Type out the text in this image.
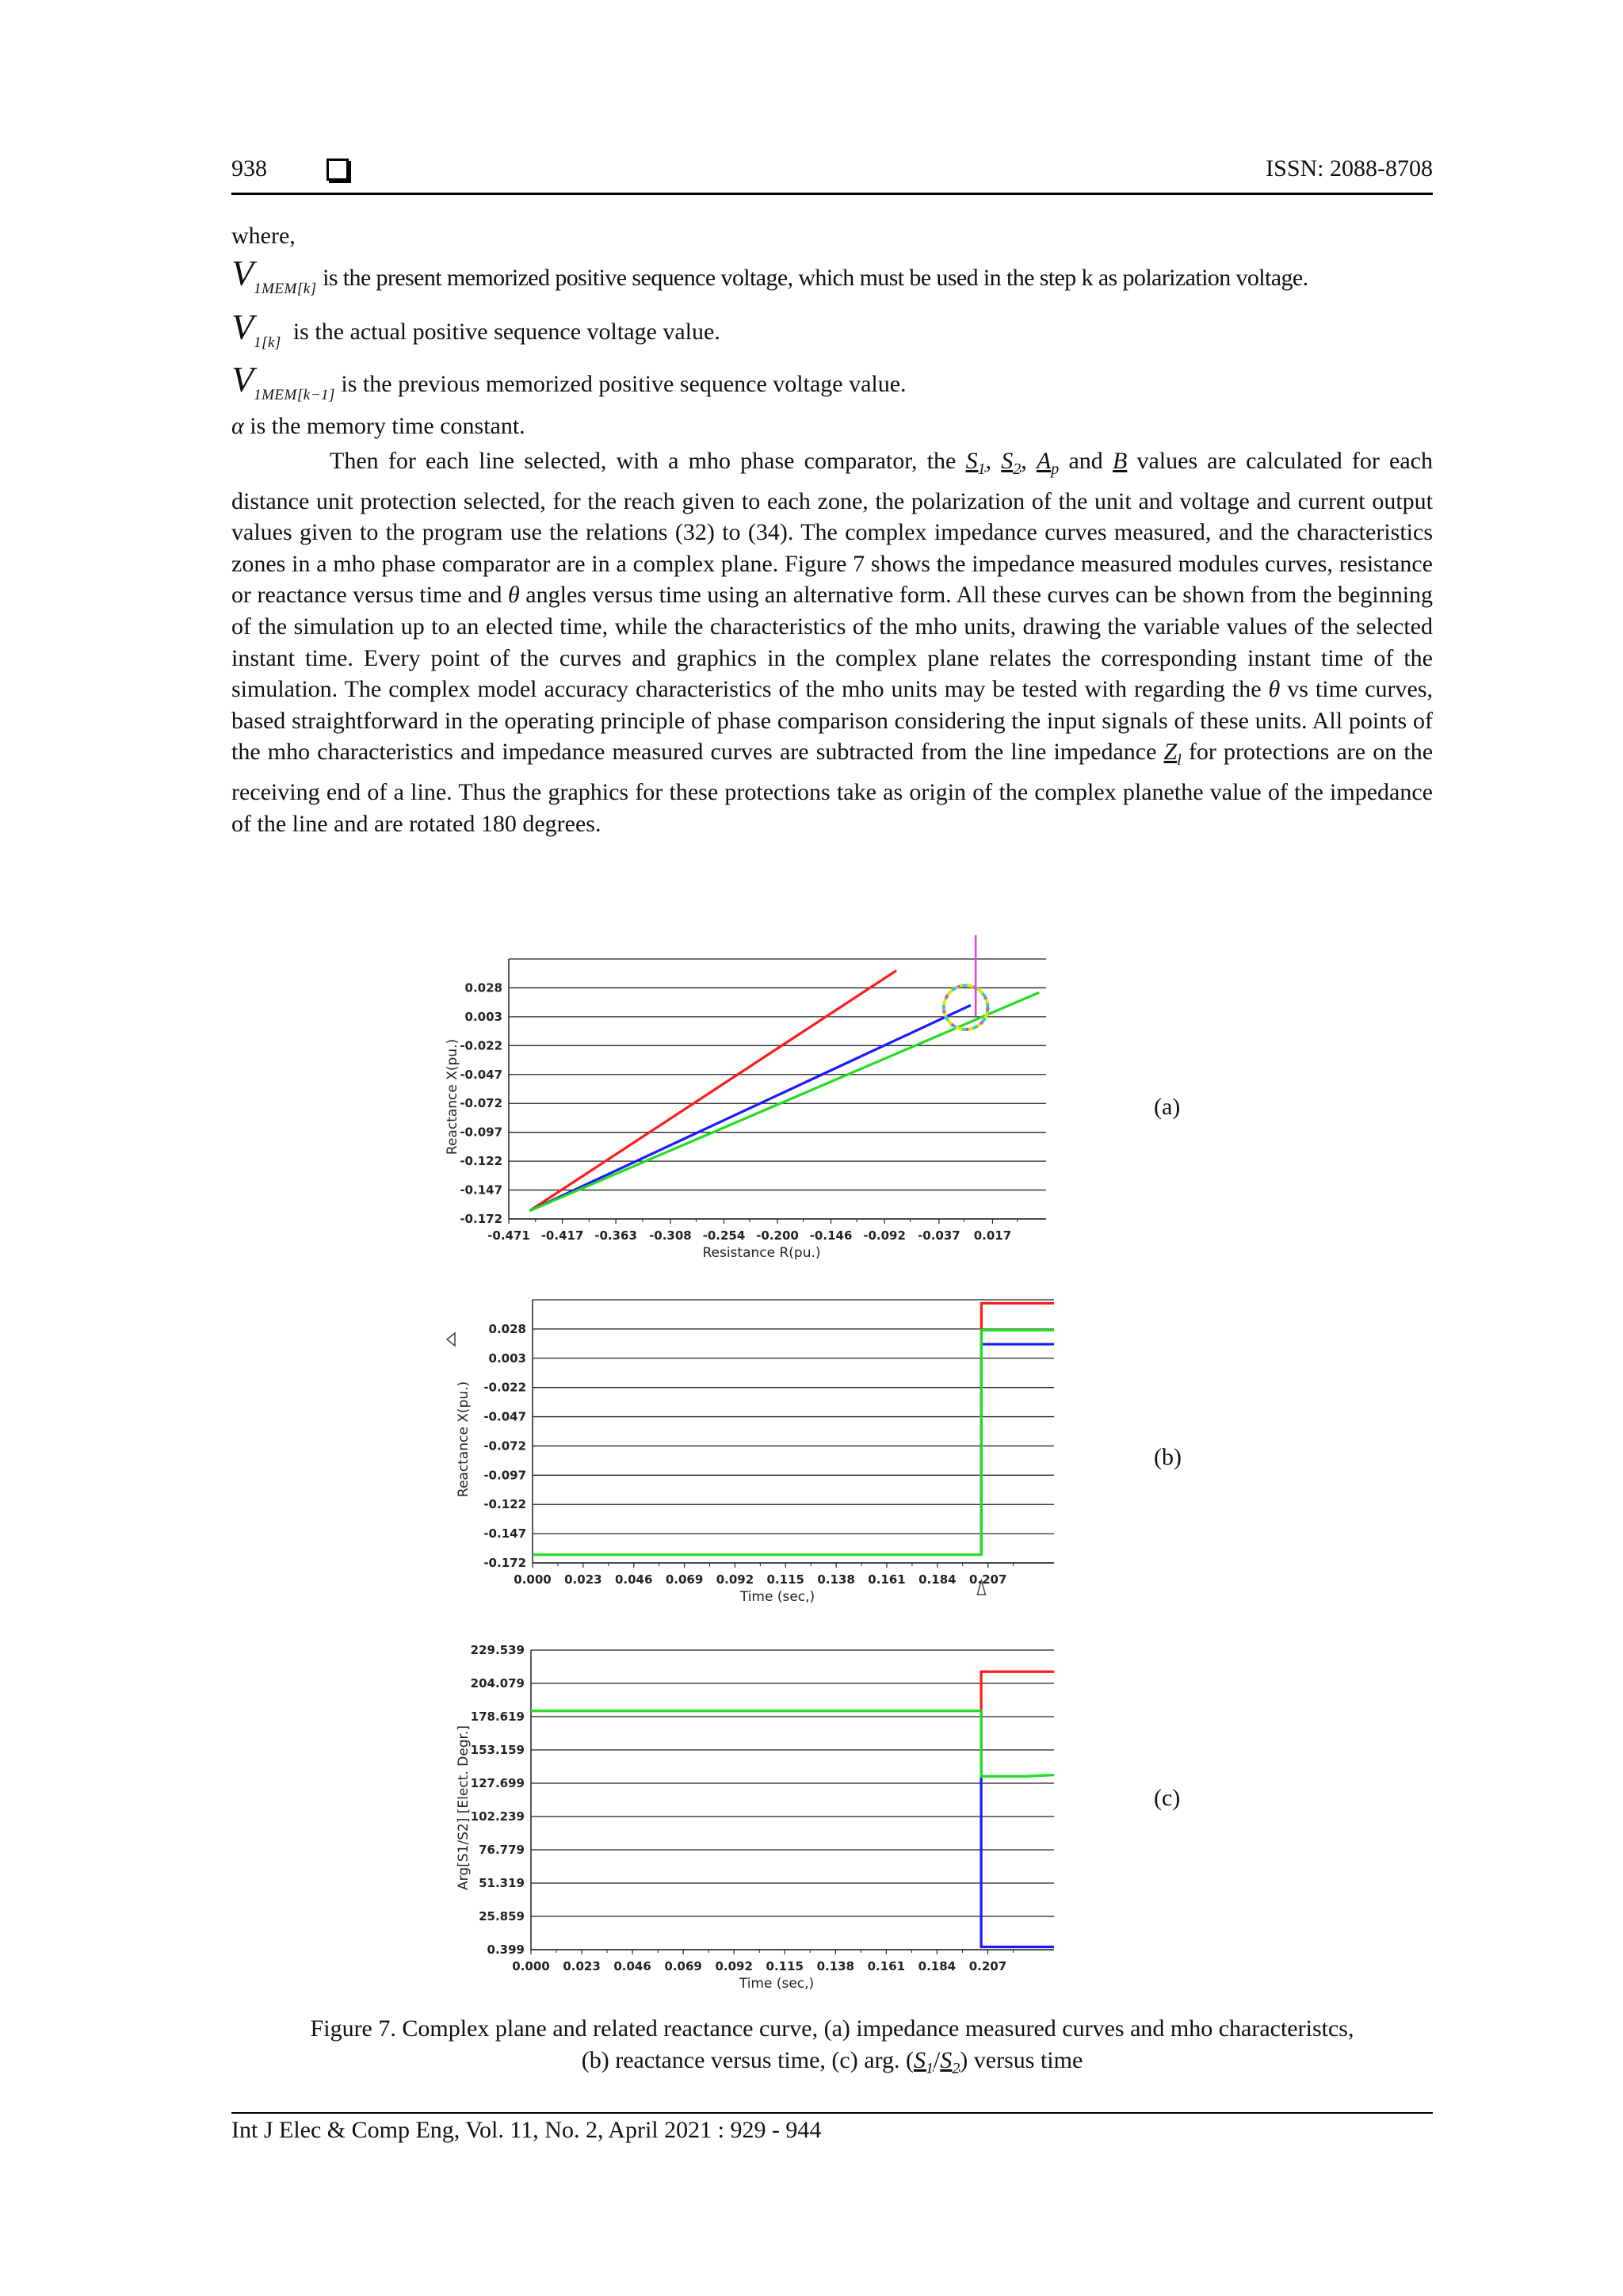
938	ISSN: 2088-8708
where,
$V_{1MEM[k]}$ is the present memorized positive sequence voltage, which must be used in the step k as polarization voltage.
$V_{1[k]}$ is the actual positive sequence voltage value.
$V_{1MEM[k-1]}$ is the previous memorized positive sequence voltage value.
α is the memory time constant.
Then for each line selected, with a mho phase comparator, the $S_1$, $S_2$, $A_p$ and B values are calculated for each distance unit protection selected, for the reach given to each zone, the polarization of the unit and voltage and current output values given to the program use the relations (32) to (34). The complex impedance curves measured, and the characteristics zones in a mho phase comparator are in a complex plane. Figure 7 shows the impedance measured modules curves, resistance or reactance versus time and θ angles versus time using an alternative form. All these curves can be shown from the beginning of the simulation up to an elected time, while the characteristics of the mho units, drawing the variable values of the selected instant time. Every point of the curves and graphics in the complex plane relates the corresponding instant time of the simulation. The complex model accuracy characteristics of the mho units may be tested with regarding the θ vs time curves, based straightforward in the operating principle of phase comparison considering the input signals of these units. All points of the mho characteristics and impedance measured curves are subtracted from the line impedance $Z_l$ for protections are on the receiving end of a line. Thus the graphics for these protections take as origin of the complex planethe value of the impedance of the line and are rotated 180 degrees.
0.028
0.003
-0.022
-0.047
-0.072
-0.097
-0.122
-0.147
-0.172
-0.471 -0.417 -0.363 -0.308 -0.254 -0.200 -0.146 -0.092 -0.037 0.017
Resistance R(pu.)
Reactance X(pu.)	(a)
0.028
0.003
-0.022
-0.047
-0.072
-0.097
-0.122
-0.147
-0.172
0.000 0.023 0.046 0.069 0.092 0.115 0.138 0.161 0.184 0.207
Time (sec,)
Reactance X(pu.)	(b)
229.539
204.079
178.619
153.159
127.699
102.239
76.779
51.319
25.859
0.399
0.000 0.023 0.046 0.069 0.092 0.115 0.138 0.161 0.184 0.207
Time (sec,)
Arg[S1/S2] [Elect. Degr.]	(c)
Figure 7. Complex plane and related reactance curve, (a) impedance measured curves and mho characteristcs,
(b) reactance versus time, (c) arg. $(S_1/S_2)$ versus time
Int J Elec & Comp Eng, Vol. 11, No. 2, April 2021 : 929 - 944
